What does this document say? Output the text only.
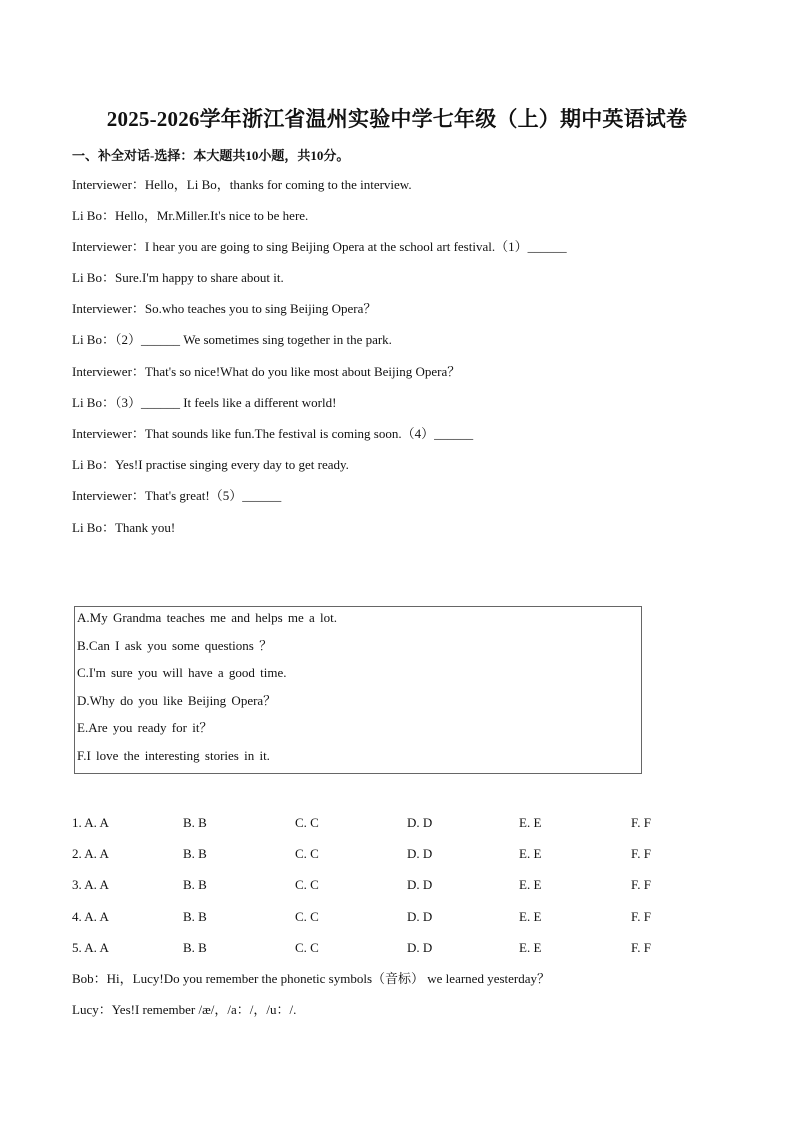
2025-2026学年浙江省温州实验中学七年级（上）期中英语试卷
一、补全对话-选择：本大题共10小题，共10分。
Interviewer：Hello，Li Bo，thanks for coming to the interview.
Li Bo：Hello，Mr.Miller.It's nice to be here.
Interviewer：I hear you are going to sing Beijing Opera at the school art festival.（1）______
Li Bo：Sure.I'm happy to share about it.
Interviewer：So.who teaches you to sing Beijing Opera？
Li Bo：（2）______ We sometimes sing together in the park.
Interviewer：That's so nice!What do you like most about Beijing Opera？
Li Bo：（3）______ It feels like a different world!
Interviewer：That sounds like fun.The festival is coming soon.（4）______
Li Bo：Yes!I practise singing every day to get ready.
Interviewer：That's great!（5）______
Li Bo：Thank you!
A.My Grandma teaches me and helps me a lot.
B.Can I ask you some questions ？
C.I'm sure you will have a good time.
D.Why do you like Beijing Opera？
E.Are you ready for it？
F.I love the interesting stories in it.
1. A. A	B. B	C. C	D. D	E. E	F. F
2. A. A	B. B	C. C	D. D	E. E	F. F
3. A. A	B. B	C. C	D. D	E. E	F. F
4. A. A	B. B	C. C	D. D	E. E	F. F
5. A. A	B. B	C. C	D. D	E. E	F. F
Bob：Hi，Lucy!Do you remember the phonetic symbols（音标） we learned yesterday？
Lucy：Yes!I remember /æ/，/a：/，/u：/.
